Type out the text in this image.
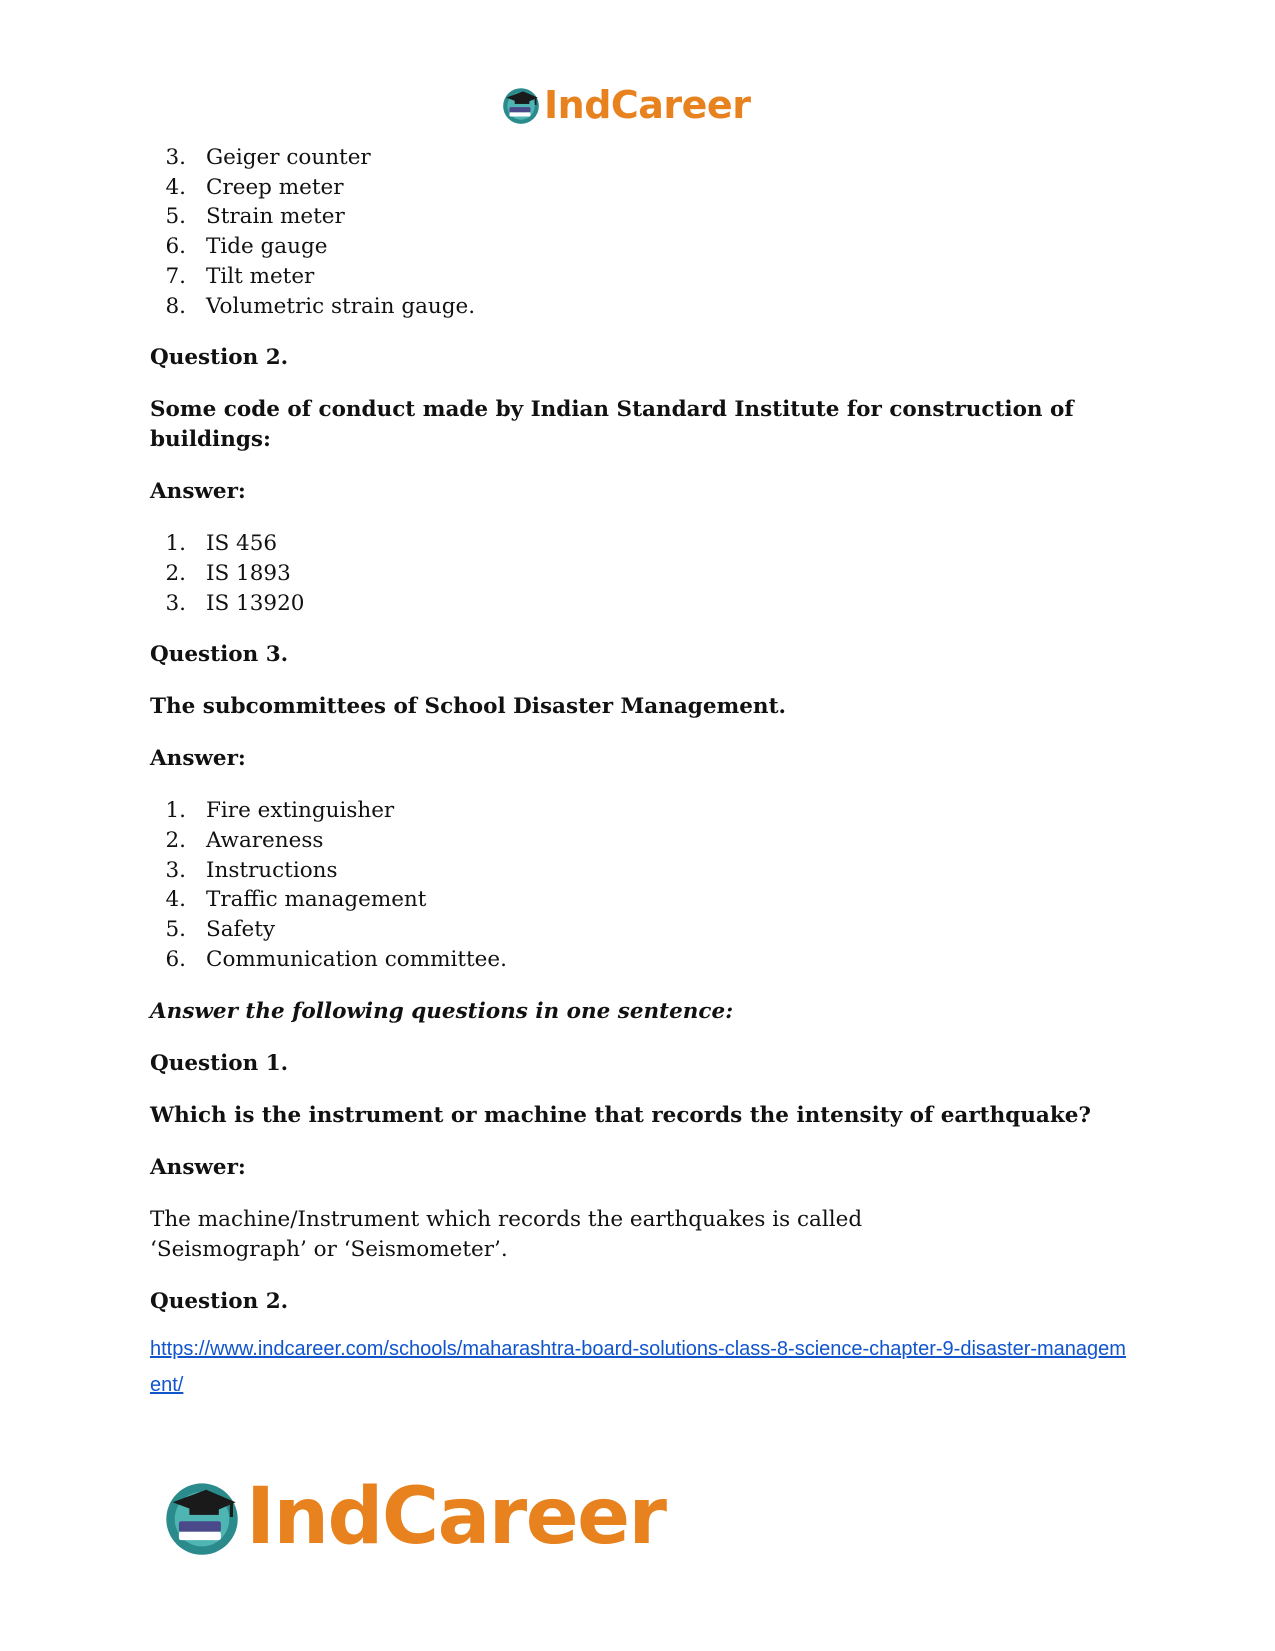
IndCareer
3. Geiger counter
4. Creep meter
5. Strain meter
6. Tide gauge
7. Tilt meter
8. Volumetric strain gauge.

Question 2.

Some code of conduct made by Indian Standard Institute for construction of buildings:

Answer:

1. IS 456
2. IS 1893
3. IS 13920

Question 3.

The subcommittees of School Disaster Management.

Answer:

1. Fire extinguisher
2. Awareness
3. Instructions
4. Traffic management
5. Safety
6. Communication committee.

Answer the following questions in one sentence:

Question 1.

Which is the instrument or machine that records the intensity of earthquake?

Answer:

The machine/Instrument which records the earthquakes is called ‘Seismograph’ or ‘Seismometer’.

Question 2.

https://www.indcareer.com/schools/maharashtra-board-solutions-class-8-science-chapter-9-disaster-management/

IndCareer
